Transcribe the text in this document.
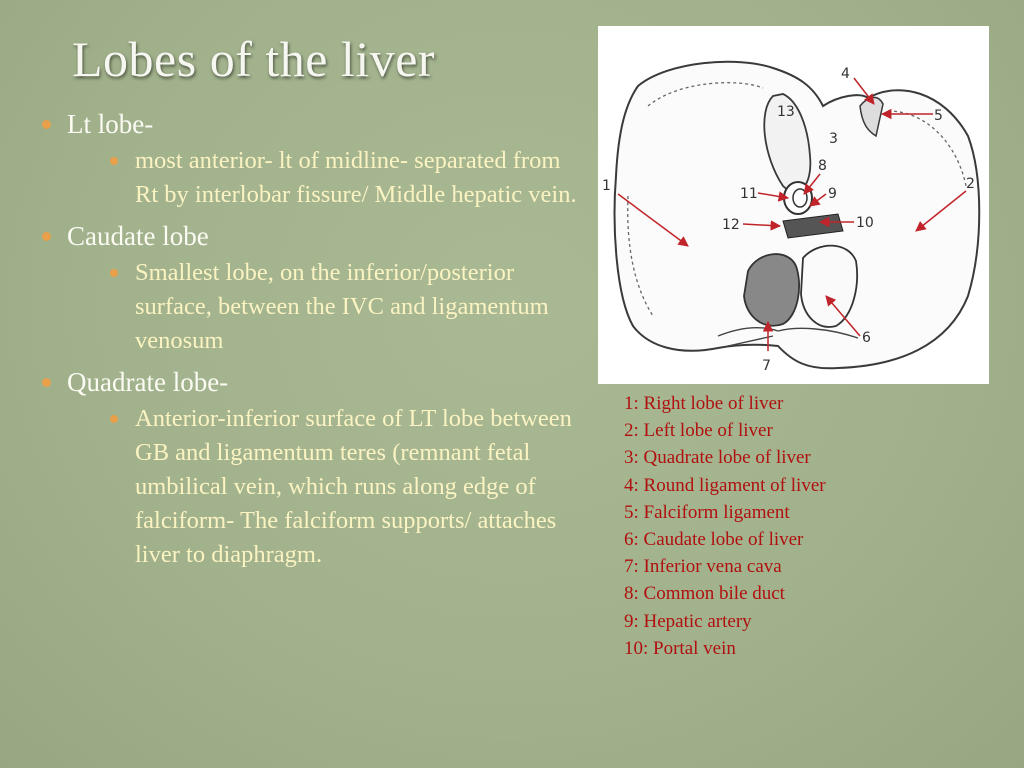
Lobes of the liver
Lt lobe-
most anterior- lt of midline- separated from Rt by interlobar fissure/ Middle hepatic vein.
Caudate lobe
Smallest lobe, on the inferior/posterior surface, between the IVC and ligamentum venosum
Quadrate lobe-
Anterior-inferior surface of LT lobe between GB and ligamentum teres (remnant fetal umbilical vein, which runs along edge of falciform- The falciform supports/ attaches liver to diaphragm.
1	2
3
4
5
6
7
8
9
10
11
12
13
1: Right lobe of liver
2: Left lobe of liver
3: Quadrate lobe of liver
4: Round ligament of liver
5: Falciform ligament
6: Caudate lobe of liver
7: Inferior vena cava
8: Common bile duct
9: Hepatic artery
10: Portal vein
